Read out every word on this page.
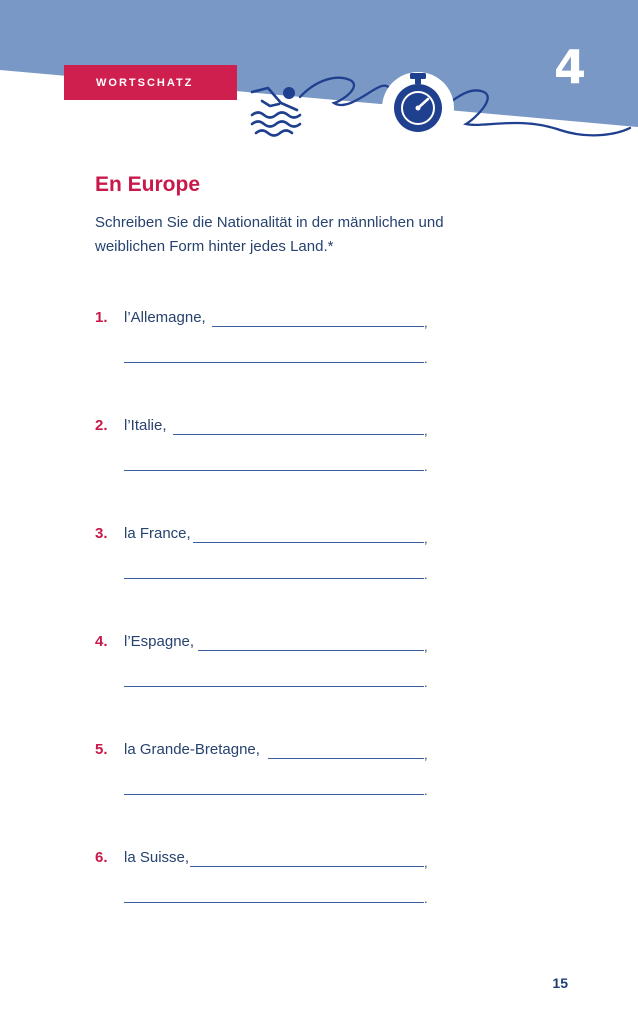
4
WORTSCHATZ
En Europe

Schreiben Sie die Nationalität in der männlichen und weiblichen Form hinter jedes Land.*

1. l’Allemagne,	,
.
2. l’Italie,	,
.
3. la France,	,
.
4. l’Espagne,	,
.
5. la Grande-Bretagne,	,
.
6. la Suisse,	,
.
15
